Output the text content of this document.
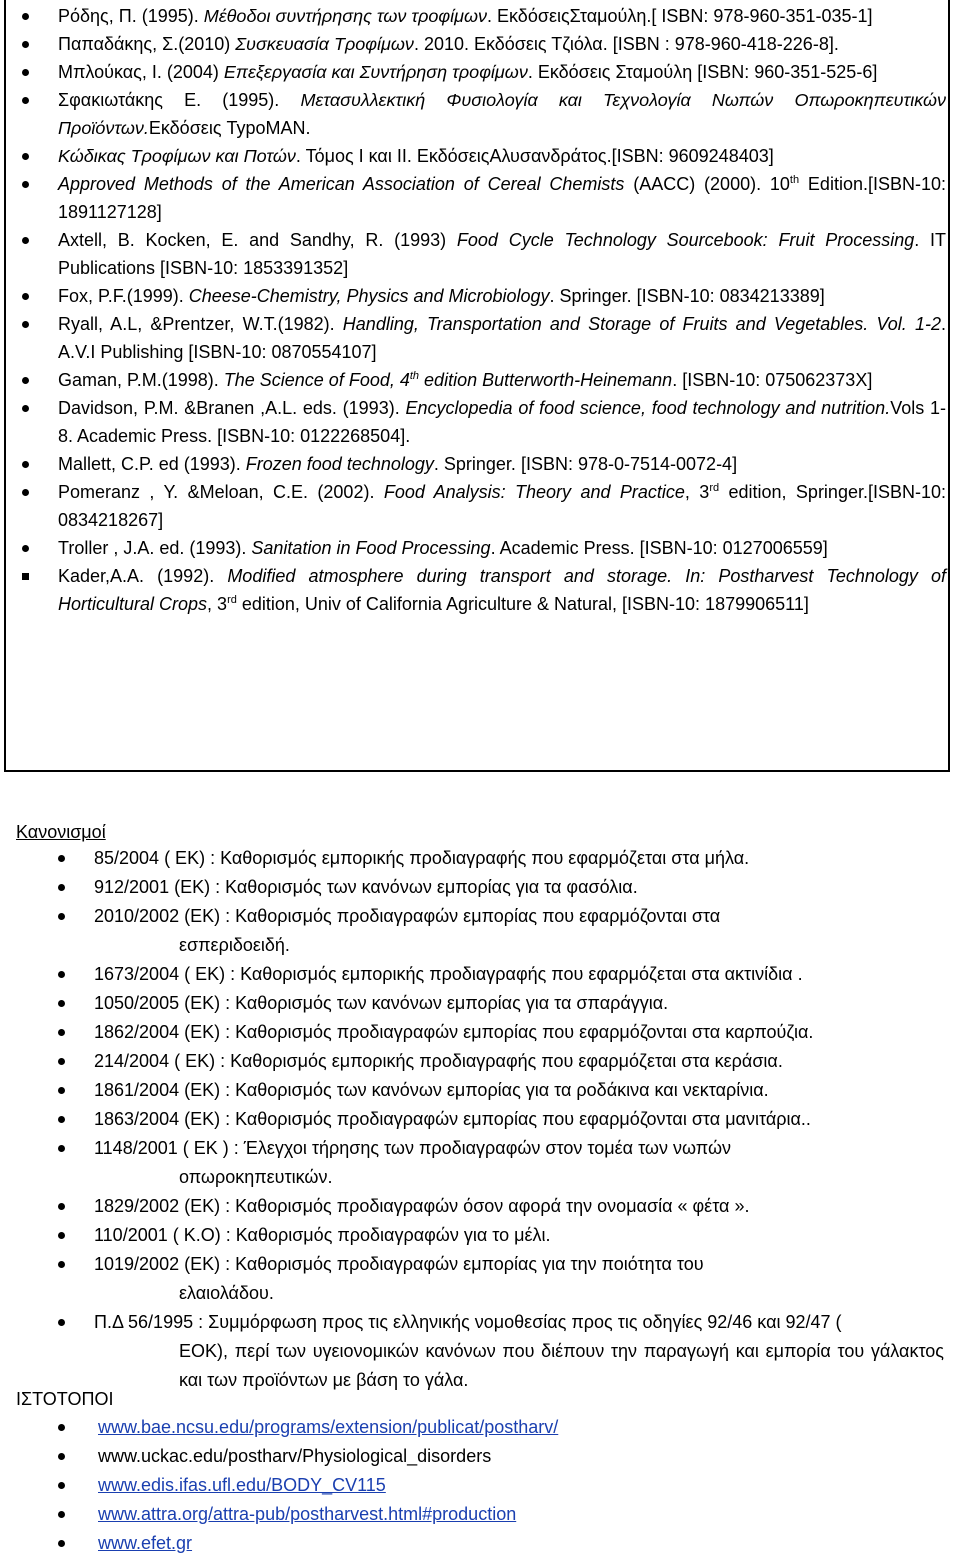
Ρόδης, Π. (1995). Μέθοδοι συντήρησης των τροφίμων. ΕκδόσειςΣταμούλη.[ ISBN: 978-960-351-035-1]
Παπαδάκης, Σ.(2010) Συσκευασία Τροφίμων. 2010. Εκδόσεις Τζιόλα. [ISBN : 978-960-418-226-8].
Μπλούκας, Ι. (2004) Επεξεργασία και Συντήρηση τροφίμων. Εκδόσεις Σταμούλη [ISBN: 960-351-525-6]
Σφακιωτάκης Ε. (1995). Μετασυλλεκτική Φυσιολογία και Τεχνολογία Νωπών Οπωροκηπευτικών Προϊόντων.Εκδόσεις TypoMAN.
Κώδικας Τροφίμων και Ποτών. Τόμος Ι και ΙΙ. ΕκδόσειςΑλυσανδράτος.[ISBN: 9609248403]
Approved Methods of the American Association of Cereal Chemists (AACC) (2000). 10th Edition.[ISBN-10: 1891127128]
Axtell, B. Kocken, E. and Sandhy, R. (1993) Food Cycle Technology Sourcebook: Fruit Processing. IT Publications [ISBN-10: 1853391352]
Fox, P.F.(1999). Cheese-Chemistry, Physics and Microbiology. Springer. [ISBN-10: 0834213389]
Ryall, A.L, &Prentzer, W.T.(1982). Handling, Transportation and Storage of Fruits and Vegetables. Vol. 1-2. A.V.I Publishing [ISBN-10: 0870554107]
Gaman, P.M.(1998). The Science of Food, 4th edition Butterworth-Heinemann. [ISBN-10: 075062373X]
Davidson, P.M. &Branen ,A.L. eds. (1993). Encyclopedia of food science, food technology and nutrition.Vols 1-8. Academic Press. [ISBN-10: 0122268504].
Mallett, C.P. ed (1993). Frozen food technology. Springer. [ISBN: 978-0-7514-0072-4]
Pomeranz , Y. &Meloan, C.E. (2002). Food Analysis: Theory and Practice, 3rd edition, Springer.[ISBN-10: 0834218267]
Troller , J.A. ed. (1993). Sanitation in Food Processing. Academic Press. [ISBN-10: 0127006559]
Kader,A.A. (1992). Modified atmosphere during transport and storage. In: Postharvest Technology of Horticultural Crops, 3rd edition, Univ of California Agriculture & Natural, [ISBN-10: 1879906511]
Κανονισμοί
85/2004 ( ΕΚ) : Καθορισμός εμπορικής προδιαγραφής που εφαρμόζεται στα μήλα.
912/2001 (ΕΚ) : Καθορισμός των κανόνων εμπορίας για τα φασόλια.
2010/2002 (ΕΚ) : Καθορισμός προδιαγραφών εμπορίας που εφαρμόζονται στα
εσπεριδοειδή.
1673/2004 ( ΕΚ) : Καθορισμός εμπορικής προδιαγραφής που εφαρμόζεται στα ακτινίδια .
1050/2005 (ΕΚ) : Καθορισμός των κανόνων εμπορίας για τα σπαράγγια.
1862/2004 (ΕΚ) : Καθορισμός προδιαγραφών εμπορίας που εφαρμόζονται στα καρπούζια.
214/2004 ( ΕΚ) : Καθορισμός εμπορικής προδιαγραφής που εφαρμόζεται στα κεράσια.
1861/2004 (ΕΚ) : Καθορισμός των κανόνων εμπορίας για τα ροδάκινα και νεκταρίνια.
1863/2004 (ΕΚ) : Καθορισμός προδιαγραφών εμπορίας που εφαρμόζονται στα μανιτάρια..
1148/2001 ( ΕΚ ) : Έλεγχοι τήρησης των προδιαγραφών στον τομέα των νωπών
οπωροκηπευτικών.
1829/2002 (ΕΚ) : Καθορισμός προδιαγραφών όσον αφορά την ονομασία « φέτα ».
110/2001 ( Κ.Ο) : Καθορισμός προδιαγραφών για το μέλι.
1019/2002 (ΕΚ) : Καθορισμός προδιαγραφών εμπορίας για την ποιότητα του
ελαιολάδου.
Π.Δ 56/1995 : Συμμόρφωση προς τις ελληνικής νομοθεσίας προς τις οδηγίες 92/46 και 92/47 (
ΕΟΚ), περί των υγειονομικών κανόνων που διέπουν την παραγωγή και εμπορία του γάλακτος και των προϊόντων με βάση το γάλα.
ΙΣΤΟΤΟΠΟΙ
www.bae.ncsu.edu/programs/extension/publicat/postharv/
www.uckac.edu/postharv/Physiological_disorders
www.edis.ifas.ufl.edu/BODY_CV115
www.attra.org/attra-pub/postharvest.html#production
www.efet.gr
